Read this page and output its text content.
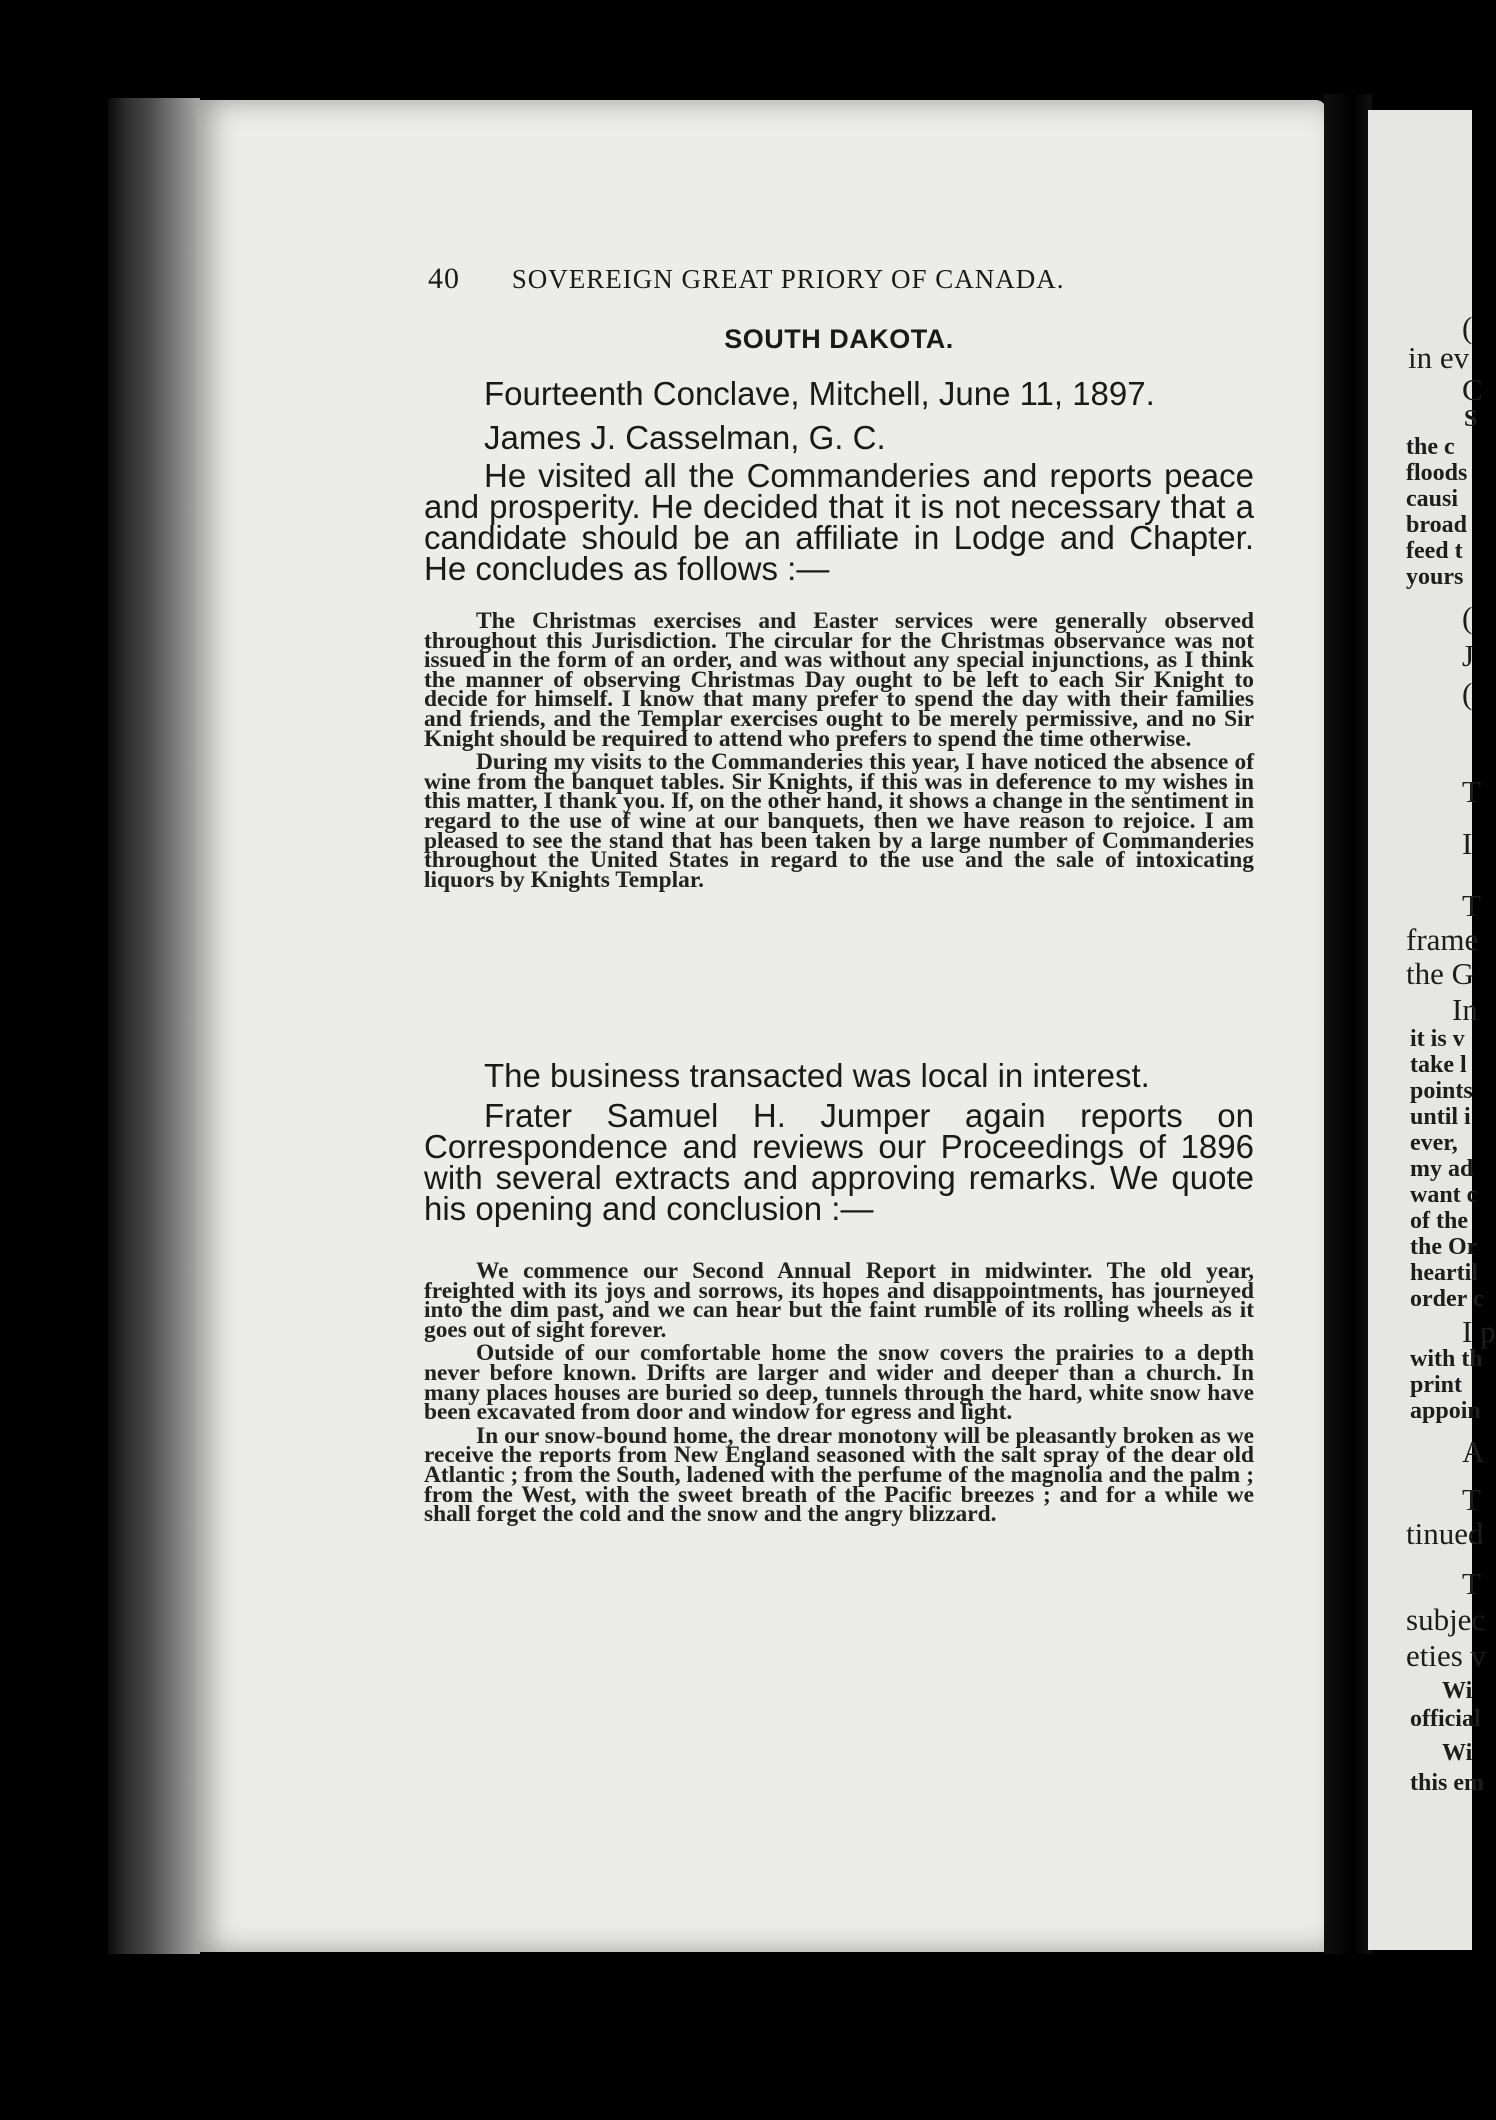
(
in ev
C
S
the c
floods
causi
broad
feed t
yours
(
J
(
T
I
T
frame
the G
In
it is v
take l
points
until i
ever,
my ad
want c
of the
the Or
heartil
order c
I p
with th
print
appoin
A
T
tinued
T
subjec
eties v
Wi
official
Wi
this em
40 SOVEREIGN GREAT PRIORY OF CANADA.
SOUTH DAKOTA.

Fourteenth Conclave, Mitchell, June 11, 1897.

James J. Casselman, G. C.

He visited all the Commanderies and reports peace and prosperity. He decided that it is not necessary that a candidate should be an affiliate in Lodge and Chapter. He concludes as follows :—

The Christmas exercises and Easter services were generally observed throughout this Jurisdiction. The circular for the Christmas observance was not issued in the form of an order, and was without any special injunctions, as I think the manner of observing Christmas Day ought to be left to each Sir Knight to decide for himself. I know that many prefer to spend the day with their families and friends, and the Templar exercises ought to be merely permissive, and no Sir Knight should be required to attend who prefers to spend the time otherwise.

During my visits to the Commanderies this year, I have noticed the absence of wine from the banquet tables. Sir Knights, if this was in deference to my wishes in this matter, I thank you. If, on the other hand, it shows a change in the sentiment in regard to the use of wine at our banquets, then we have reason to rejoice. I am pleased to see the stand that has been taken by a large number of Commanderies throughout the United States in regard to the use and the sale of intoxicating liquors by Knights Templar.

The business transacted was local in interest.

Frater Samuel H. Jumper again reports on Correspondence and reviews our Proceedings of 1896 with several extracts and approving remarks. We quote his opening and conclusion :—

We commence our Second Annual Report in midwinter. The old year, freighted with its joys and sorrows, its hopes and disappointments, has journeyed into the dim past, and we can hear but the faint rumble of its rolling wheels as it goes out of sight forever.

Outside of our comfortable home the snow covers the prairies to a depth never before known. Drifts are larger and wider and deeper than a church. In many places houses are buried so deep, tunnels through the hard, white snow have been excavated from door and window for egress and light.

In our snow-bound home, the drear monotony will be pleasantly broken as we receive the reports from New England seasoned with the salt spray of the dear old Atlantic ; from the South, ladened with the perfume of the magnolia and the palm ; from the West, with the sweet breath of the Pacific breezes ; and for a while we shall forget the cold and the snow and the angry blizzard.
